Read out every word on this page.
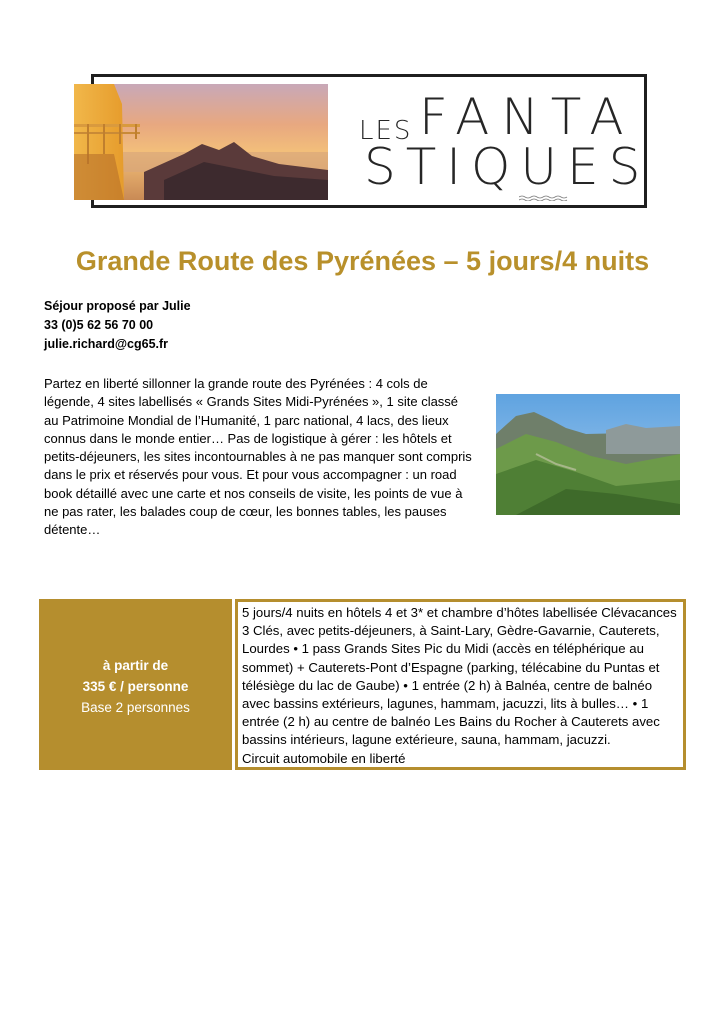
LES FANTA
STIQUES
Grande Route des Pyrénées – 5 jours/4 nuits
Séjour proposé par Julie
33 (0)5 62 56 70 00
julie.richard@cg65.fr

Partez en liberté sillonner la grande route des Pyrénées : 4 cols de légende, 4 sites labellisés « Grands Sites Midi-Pyrénées », 1 site classé au Patrimoine Mondial de l’Humanité, 1 parc national, 4 lacs, des lieux connus dans le monde entier… Pas de logistique à gérer : les hôtels et petits-déjeuners, les sites incontournables à ne pas manquer sont compris dans le prix et réservés pour vous. Et pour vous accompagner : un road book détaillé avec une carte et nos conseils de visite, les points de vue à ne pas rater, les balades coup de cœur, les bonnes tables, les pauses détente…

à partir de
335 € / personne
Base 2 personnes
5 jours/4 nuits en hôtels 4 et 3* et chambre d’hôtes labellisée Clévacances 3 Clés, avec petits-déjeuners, à Saint-Lary, Gèdre-Gavarnie, Cauterets, Lourdes • 1 pass Grands Sites Pic du Midi (accès en téléphérique au sommet) + Cauterets-Pont d’Espagne (parking, télécabine du Puntas et télésiège du lac de Gaube) • 1 entrée (2 h) à Balnéa, centre de balnéo avec bassins extérieurs, lagunes, hammam, jacuzzi, lits à bulles… • 1 entrée (2 h) au centre de balnéo Les Bains du Rocher à Cauterets avec bassins intérieurs, lagune extérieure, sauna, hammam, jacuzzi.
Circuit automobile en liberté
